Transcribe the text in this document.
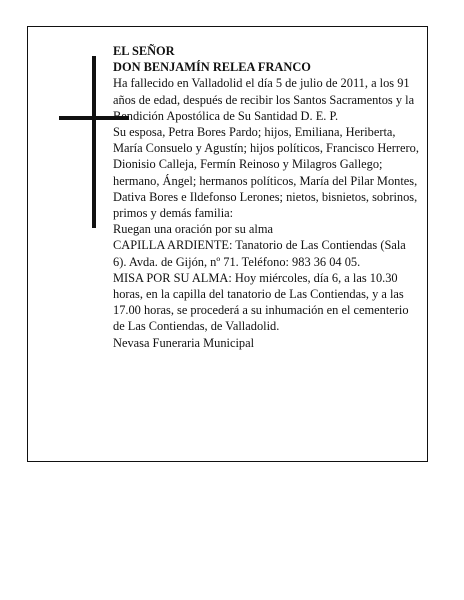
EL SEÑOR

DON BENJAMÍN RELEA FRANCO

Ha fallecido en Valladolid el día 5 de julio de 2011, a los 91 años de edad, después de recibir los Santos Sacramentos y la Bendición Apostólica de Su Santidad D. E. P.

Su esposa, Petra Bores Pardo; hijos, Emiliana, Heriberta, María Consuelo y Agustín; hijos políticos, Francisco Herrero, Dionisio Calleja, Fermín Reinoso y Milagros Gallego; hermano, Ángel; hermanos políticos, María del Pilar Montes, Dativa Bores e Ildefonso Lerones; nietos, bisnietos, sobrinos, primos y demás familia:

Ruegan una oración por su alma

CAPILLA ARDIENTE: Tanatorio de Las Contiendas (Sala 6). Avda. de Gijón, nº 71. Teléfono: 983 36 04 05.

MISA POR SU ALMA: Hoy miércoles, día 6, a las 10.30 horas, en la capilla del tanatorio de Las Contiendas, y a las 17.00 horas, se procederá a su inhumación en el cementerio de Las Contiendas, de Valladolid.

Nevasa Funeraria Municipal
